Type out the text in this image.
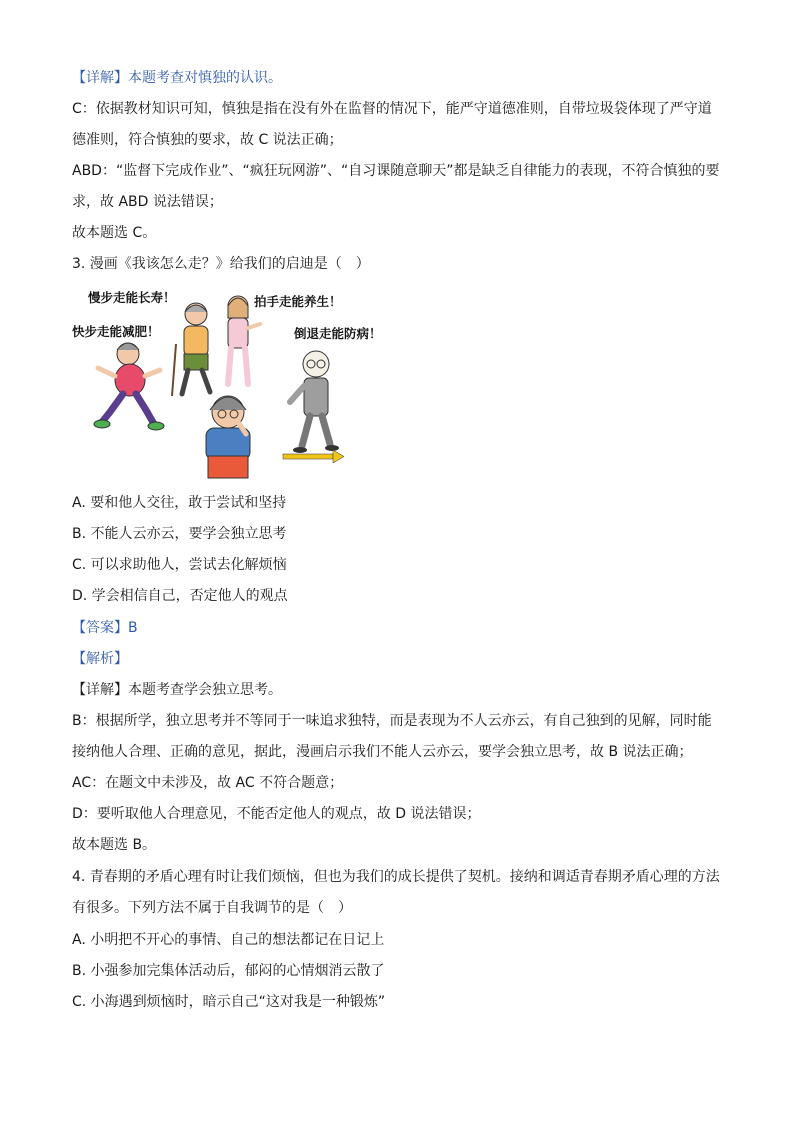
【详解】本题考查对慎独的认识。
C：依据教材知识可知，慎独是指在没有外在监督的情况下，能严守道德准则，自带垃圾袋体现了严守道
德准则，符合慎独的要求，故 C 说法正确；
ABD：“监督下完成作业”、“疯狂玩网游”、“自习课随意聊天”都是缺乏自律能力的表现，不符合慎独的要
求，故 ABD 说法错误；
故本题选 C。
3. 漫画《我该怎么走？》给我们的启迪是（　）
慢步走能长寿！	拍手走能养生！
快步走能减肥！	倒退走能防病！
A. 要和他人交往，敢于尝试和坚持
B. 不能人云亦云，要学会独立思考
C. 可以求助他人，尝试去化解烦恼
D. 学会相信自己，否定他人的观点
【答案】B
【解析】
【详解】本题考查学会独立思考。
B：根据所学，独立思考并不等同于一味追求独特，而是表现为不人云亦云，有自己独到的见解，同时能
接纳他人合理、正确的意见，据此，漫画启示我们不能人云亦云，要学会独立思考，故 B 说法正确；
AC：在题文中未涉及，故 AC 不符合题意；
D：要听取他人合理意见，不能否定他人的观点，故 D 说法错误；
故本题选 B。
4. 青春期的矛盾心理有时让我们烦恼，但也为我们的成长提供了契机。接纳和调适青春期矛盾心理的方法
有很多。下列方法不属于自我调节的是（　）
A. 小明把不开心的事情、自己的想法都记在日记上
B. 小强参加完集体活动后，郁闷的心情烟消云散了
C. 小海遇到烦恼时，暗示自己“这对我是一种锻炼”
